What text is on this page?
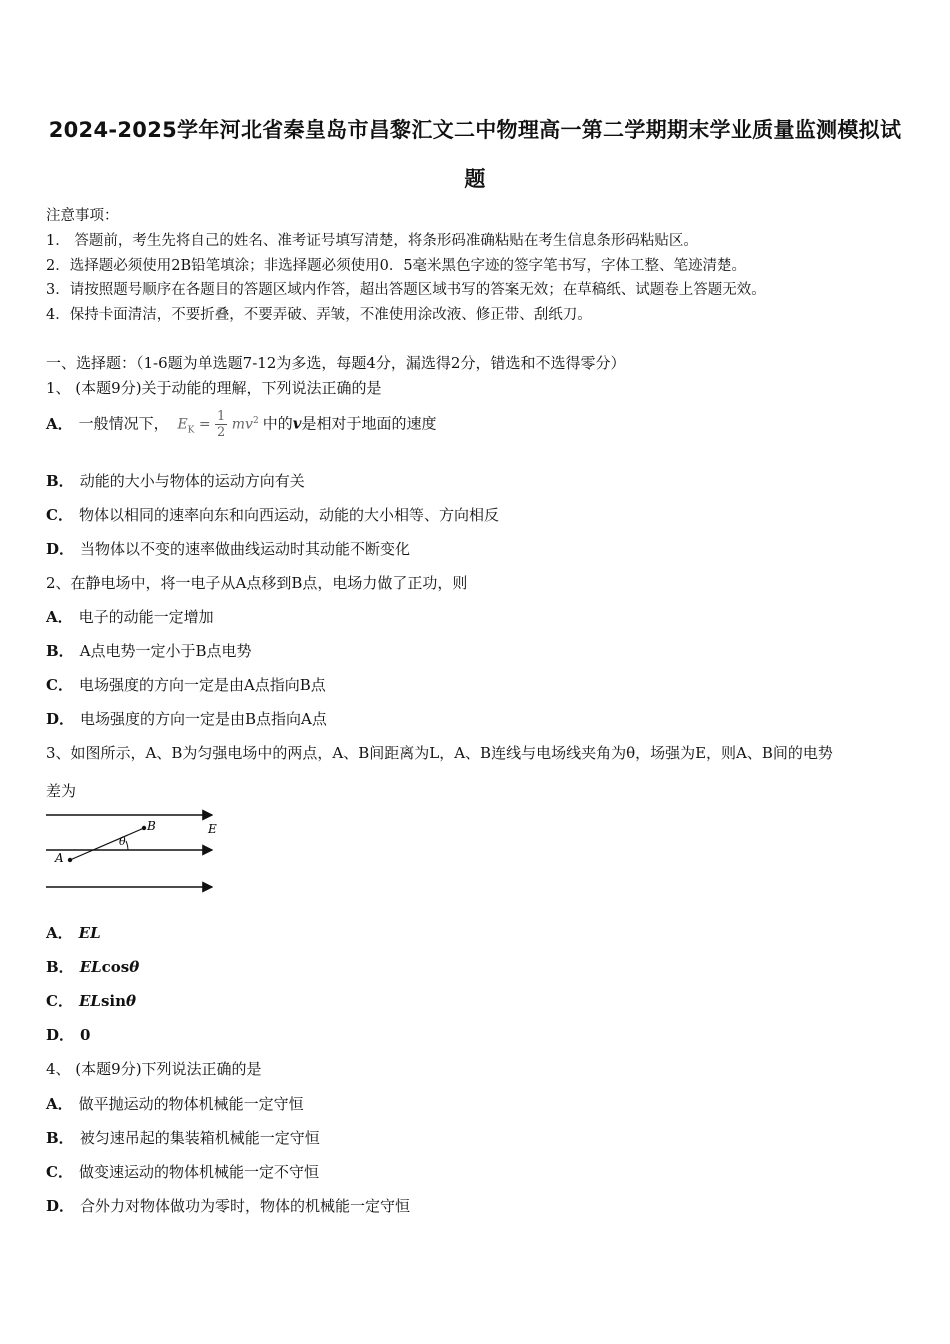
2024-2025学年河北省秦皇岛市昌黎汇文二中物理高一第二学期期末学业质量监测模拟试题
注意事项：
1． 答题前，考生先将自己的姓名、准考证号填写清楚，将条形码准确粘贴在考生信息条形码粘贴区。
2．选择题必须使用2B铅笔填涂；非选择题必须使用0．5毫米黑色字迹的签字笔书写，字体工整、笔迹清楚。
3．请按照题号顺序在各题目的答题区域内作答，超出答题区域书写的答案无效；在草稿纸、试题卷上答题无效。
4．保持卡面清洁，不要折叠，不要弄破、弄皱，不准使用涂改液、修正带、刮纸刀。
一、选择题：（1-6题为单选题7-12为多选，每题4分，漏选得2分，错选和不选得零分）
1、 (本题9分)关于动能的理解，下列说法正确的是
A． 一般情况下， $E_K = \frac{1}{2} mv^2$ 中的v是相对于地面的速度
B． 动能的大小与物体的运动方向有关
C． 物体以相同的速率向东和向西运动，动能的大小相等、方向相反
D． 当物体以不变的速率做曲线运动时其动能不断变化
2、在静电场中，将一电子从A点移到B点，电场力做了正功，则
A． 电子的动能一定增加
B． A点电势一定小于B点电势
C． 电场强度的方向一定是由A点指向B点
D． 电场强度的方向一定是由B点指向A点
3、如图所示，A、B为匀强电场中的两点，A、B间距离为L，A、B连线与电场线夹角为θ，场强为E，则A、B间的电势
差为
A
B
θ
E
A． EL
B． ELcosθ
C． ELsinθ
D． 0
4、 (本题9分)下列说法正确的是
A． 做平抛运动的物体机械能一定守恒
B． 被匀速吊起的集装箱机械能一定守恒
C． 做变速运动的物体机械能一定不守恒
D． 合外力对物体做功为零时，物体的机械能一定守恒
